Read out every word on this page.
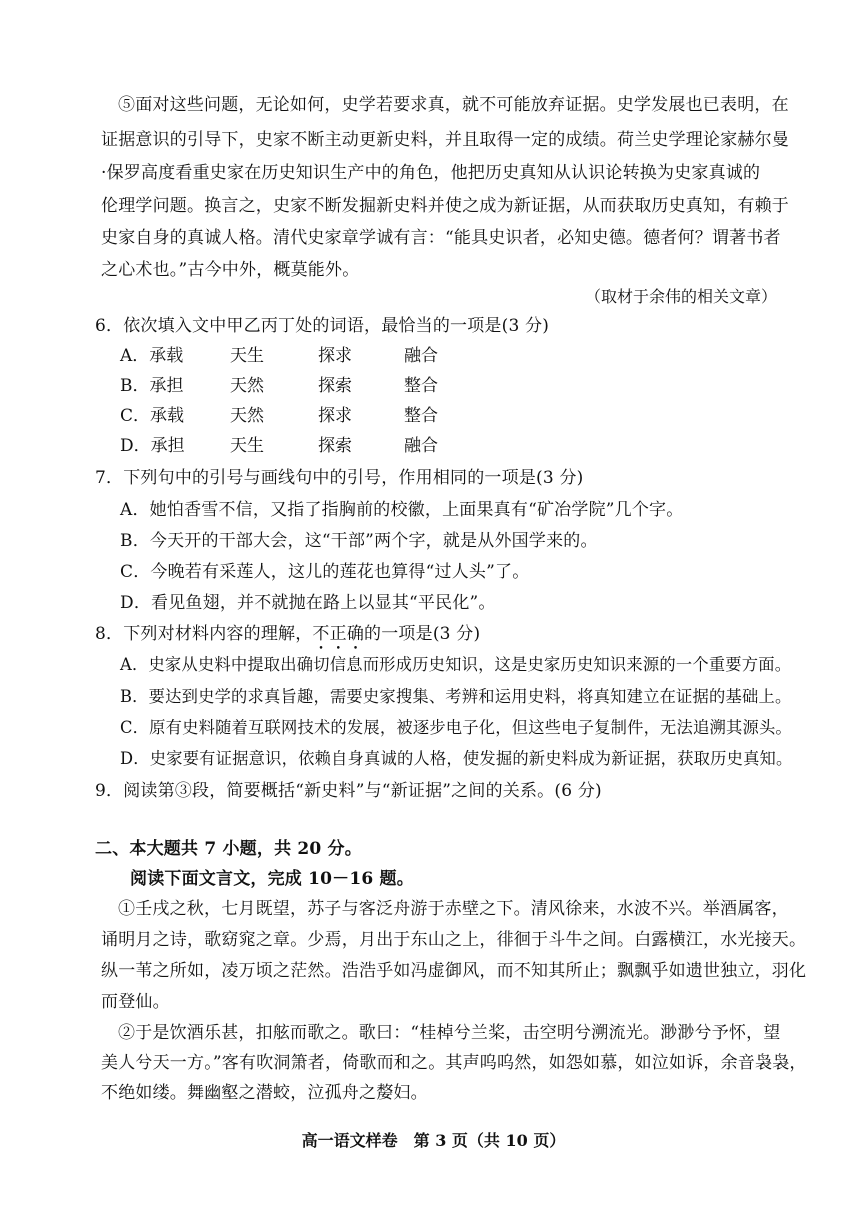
⑤面对这些问题，无论如何，史学若要求真，就不可能放弃证据。史学发展也已表明，在
证据意识的引导下，史家不断主动更新史料，并且取得一定的成绩。荷兰史学理论家赫尔曼
·保罗高度看重史家在历史知识生产中的角色，他把历史真知从认识论转换为史家真诚的
伦理学问题。换言之，史家不断发掘新史料并使之成为新证据，从而获取历史真知，有赖于
史家自身的真诚人格。清代史家章学诚有言：“能具史识者，必知史德。德者何？谓著书者
之心术也。”古今中外，概莫能外。
（取材于余伟的相关文章）
6．依次填入文中甲乙丙丁处的词语，最恰当的一项是(3 分)
A．承载	天生	探求	融合
B．承担	天然	探索	整合
C．承载	天然	探求	整合
D．承担	天生	探索	融合
7．下列句中的引号与画线句中的引号，作用相同的一项是(3 分)
A．她怕香雪不信，又指了指胸前的校徽，上面果真有“矿冶学院”几个字。
B．今天开的干部大会，这“干部”两个字，就是从外国学来的。
C．今晚若有采莲人，这儿的莲花也算得“过人头”了。
D．看见鱼翅，并不就抛在路上以显其“平民化”。
8．下列对材料内容的理解，不正确的一项是(3 分)
A．史家从史料中提取出确切信息而形成历史知识，这是史家历史知识来源的一个重要方面。
B．要达到史学的求真旨趣，需要史家搜集、考辨和运用史料，将真知建立在证据的基础上。
C．原有史料随着互联网技术的发展，被逐步电子化，但这些电子复制件，无法追溯其源头。
D．史家要有证据意识，依赖自身真诚的人格，使发掘的新史料成为新证据，获取历史真知。
9．阅读第③段，简要概括“新史料”与“新证据”之间的关系。(6 分)
二、本大题共 7 小题，共 20 分。
阅读下面文言文，完成 10－16 题。
①壬戌之秋，七月既望，苏子与客泛舟游于赤壁之下。清风徐来，水波不兴。举酒属客，
诵明月之诗，歌窈窕之章。少焉，月出于东山之上，徘徊于斗牛之间。白露横江，水光接天。
纵一苇之所如，凌万顷之茫然。浩浩乎如冯虚御风，而不知其所止；飘飘乎如遗世独立，羽化
而登仙。
②于是饮酒乐甚，扣舷而歌之。歌曰：“桂棹兮兰桨，击空明兮溯流光。渺渺兮予怀，望
美人兮天一方。”客有吹洞箫者，倚歌而和之。其声呜呜然，如怨如慕，如泣如诉，余音袅袅，
不绝如缕。舞幽壑之潜蛟，泣孤舟之嫠妇。
高一语文样卷　第 3 页（共 10 页）
